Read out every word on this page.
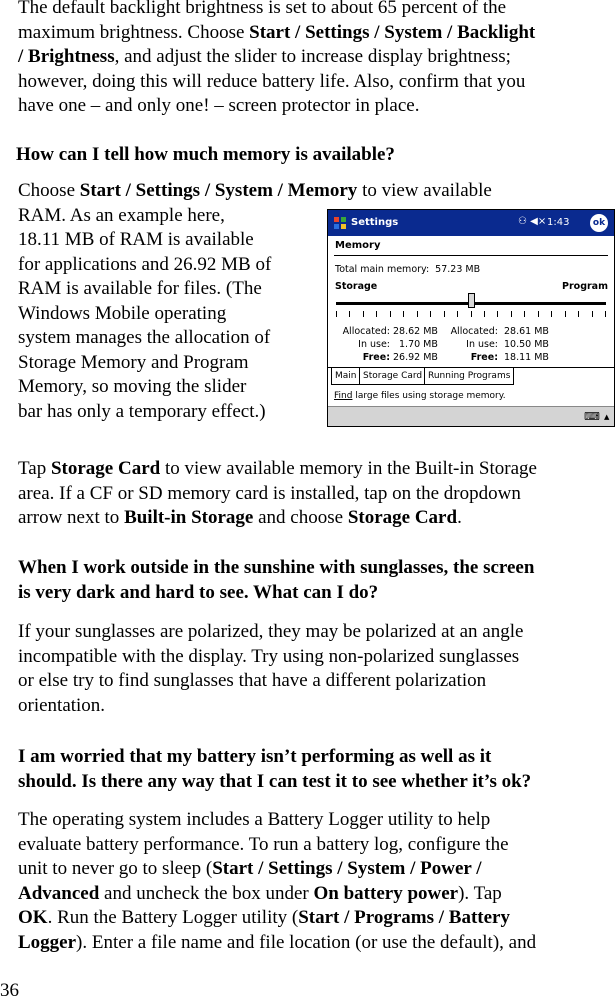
The default backlight brightness is set to about 65 percent of the
maximum brightness. Choose Start / Settings / System / Backlight
/ Brightness, and adjust the slider to increase display brightness;
however, doing this will reduce battery life. Also, confirm that you
have one – and only one! – screen protector in place.
How can I tell how much memory is available?
Choose Start / Settings / System / Memory to view available
RAM. As an example here,
18.11 MB of RAM is available
for applications and 26.92 MB of
RAM is available for files. (The
Windows Mobile operating
system manages the allocation of
Storage Memory and Program
Memory, so moving the slider
bar has only a temporary effect.)
Settings	⚇ ◀× 1:43	ok
Memory
Total main memory: 57.23 MB
Storage	Program
Allocated: 28.62 MB	Allocated: 28.61 MB
In use: 1.70 MB	In use: 10.50 MB
Free: 26.92 MB	Free: 18.11 MB
Main Storage Card Running Programs
Find large files using storage memory.
⌨ ▲
Tap Storage Card to view available memory in the Built-in Storage
area. If a CF or SD memory card is installed, tap on the dropdown
arrow next to Built-in Storage and choose Storage Card.
When I work outside in the sunshine with sunglasses, the screen
is very dark and hard to see. What can I do?
If your sunglasses are polarized, they may be polarized at an angle
incompatible with the display. Try using non-polarized sunglasses
or else try to find sunglasses that have a different polarization
orientation.
I am worried that my battery isn’t performing as well as it
should. Is there any way that I can test it to see whether it’s ok?
The operating system includes a Battery Logger utility to help
evaluate battery performance. To run a battery log, configure the
unit to never go to sleep (Start / Settings / System / Power /
Advanced and uncheck the box under On battery power). Tap
OK. Run the Battery Logger utility (Start / Programs / Battery
Logger). Enter a file name and file location (or use the default), and
36
